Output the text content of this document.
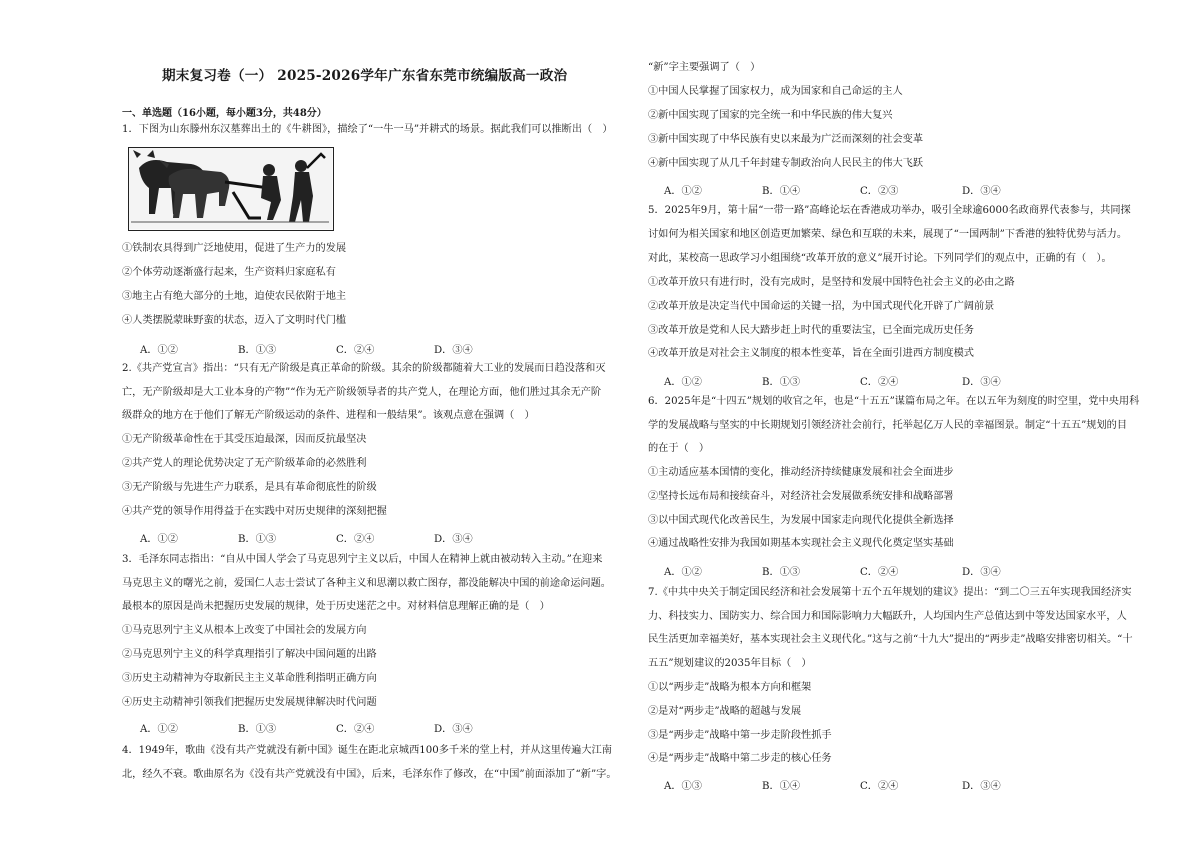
期末复习卷（一） 2025-2026学年广东省东莞市统编版高一政治
一、单选题（16小题，每小题3分，共48分）
1．下图为山东滕州东汉墓葬出土的《牛耕图》，描绘了“一牛一马”并耕式的场景。据此我们可以推断出（　）
①铁制农具得到广泛地使用，促进了生产力的发展
②个体劳动逐渐盛行起来，生产资料归家庭私有
③地主占有绝大部分的土地，迫使农民依附于地主
④人类摆脱蒙昧野蛮的状态，迈入了文明时代门槛
A．①②	B．①③	C．②④	D．③④
2.《共产党宣言》指出：“只有无产阶级是真正革命的阶级。其余的阶级都随着大工业的发展而日趋没落和灭
亡，无产阶级却是大工业本身的产物”“作为无产阶级领导者的共产党人，在理论方面，他们胜过其余无产阶
级群众的地方在于他们了解无产阶级运动的条件、进程和一般结果”。该观点意在强调（　）
①无产阶级革命性在于其受压迫最深，因而反抗最坚决
②共产党人的理论优势决定了无产阶级革命的必然胜利
③无产阶级与先进生产力联系，是具有革命彻底性的阶级
④共产党的领导作用得益于在实践中对历史规律的深刻把握
A．①②	B．①③	C．②④	D．③④
3．毛泽东同志指出：“自从中国人学会了马克思列宁主义以后，中国人在精神上就由被动转入主动。”在迎来
马克思主义的曙光之前，爱国仁人志士尝试了各种主义和思潮以救亡图存，都没能解决中国的前途命运问题。
最根本的原因是尚未把握历史发展的规律，处于历史迷茫之中。对材料信息理解正确的是（　）
①马克思列宁主义从根本上改变了中国社会的发展方向
②马克思列宁主义的科学真理指引了解决中国问题的出路
③历史主动精神为夺取新民主主义革命胜利指明正确方向
④历史主动精神引领我们把握历史发展规律解决时代问题
A．①②	B．①③	C．②④	D．③④
4．1949年，歌曲《没有共产党就没有新中国》诞生在距北京城西100多千米的堂上村，并从这里传遍大江南
北，经久不衰。歌曲原名为《没有共产党就没有中国》，后来，毛泽东作了修改，在“中国”前面添加了“新”字。
“新”字主要强调了（　）
①中国人民掌握了国家权力，成为国家和自己命运的主人
②新中国实现了国家的完全统一和中华民族的伟大复兴
③新中国实现了中华民族有史以来最为广泛而深刻的社会变革
④新中国实现了从几千年封建专制政治向人民民主的伟大飞跃
A．①②	B．①④	C．②③	D．③④
5．2025年9月，第十届“一带一路”高峰论坛在香港成功举办，吸引全球逾6000名政商界代表参与，共同探
讨如何为相关国家和地区创造更加繁荣、绿色和互联的未来，展现了“一国两制”下香港的独特优势与活力。
对此，某校高一思政学习小组围绕“改革开放的意义”展开讨论。下列同学们的观点中，正确的有（　）。
①改革开放只有进行时，没有完成时，是坚持和发展中国特色社会主义的必由之路
②改革开放是决定当代中国命运的关键一招，为中国式现代化开辟了广阔前景
③改革开放是党和人民大踏步赶上时代的重要法宝，已全面完成历史任务
④改革开放是对社会主义制度的根本性变革，旨在全面引进西方制度模式
A．①②	B．①③	C．②④	D．③④
6．2025年是“十四五”规划的收官之年，也是“十五五”谋篇布局之年。在以五年为刻度的时空里，党中央用科
学的发展战略与坚实的中长期规划引领经济社会前行，托举起亿万人民的幸福图景。制定“十五五”规划的目
的在于（　）
①主动适应基本国情的变化，推动经济持续健康发展和社会全面进步
②坚持长远布局和接续奋斗，对经济社会发展做系统安排和战略部署
③以中国式现代化改善民生，为发展中国家走向现代化提供全新选择
④通过战略性安排为我国如期基本实现社会主义现代化奠定坚实基础
A．①②	B．①③	C．②④	D．③④
7.《中共中央关于制定国民经济和社会发展第十五个五年规划的建议》提出：“到二〇三五年实现我国经济实
力、科技实力、国防实力、综合国力和国际影响力大幅跃升，人均国内生产总值达到中等发达国家水平，人
民生活更加幸福美好，基本实现社会主义现代化。”这与之前“十九大”提出的“两步走”战略安排密切相关。“十
五五”规划建议的2035年目标（　）
①以“两步走”战略为根本方向和框架
②是对“两步走”战略的超越与发展
③是“两步走”战略中第一步走阶段性抓手
④是“两步走”战略中第二步走的核心任务
A．①③	B．①④	C．②④	D．③④
